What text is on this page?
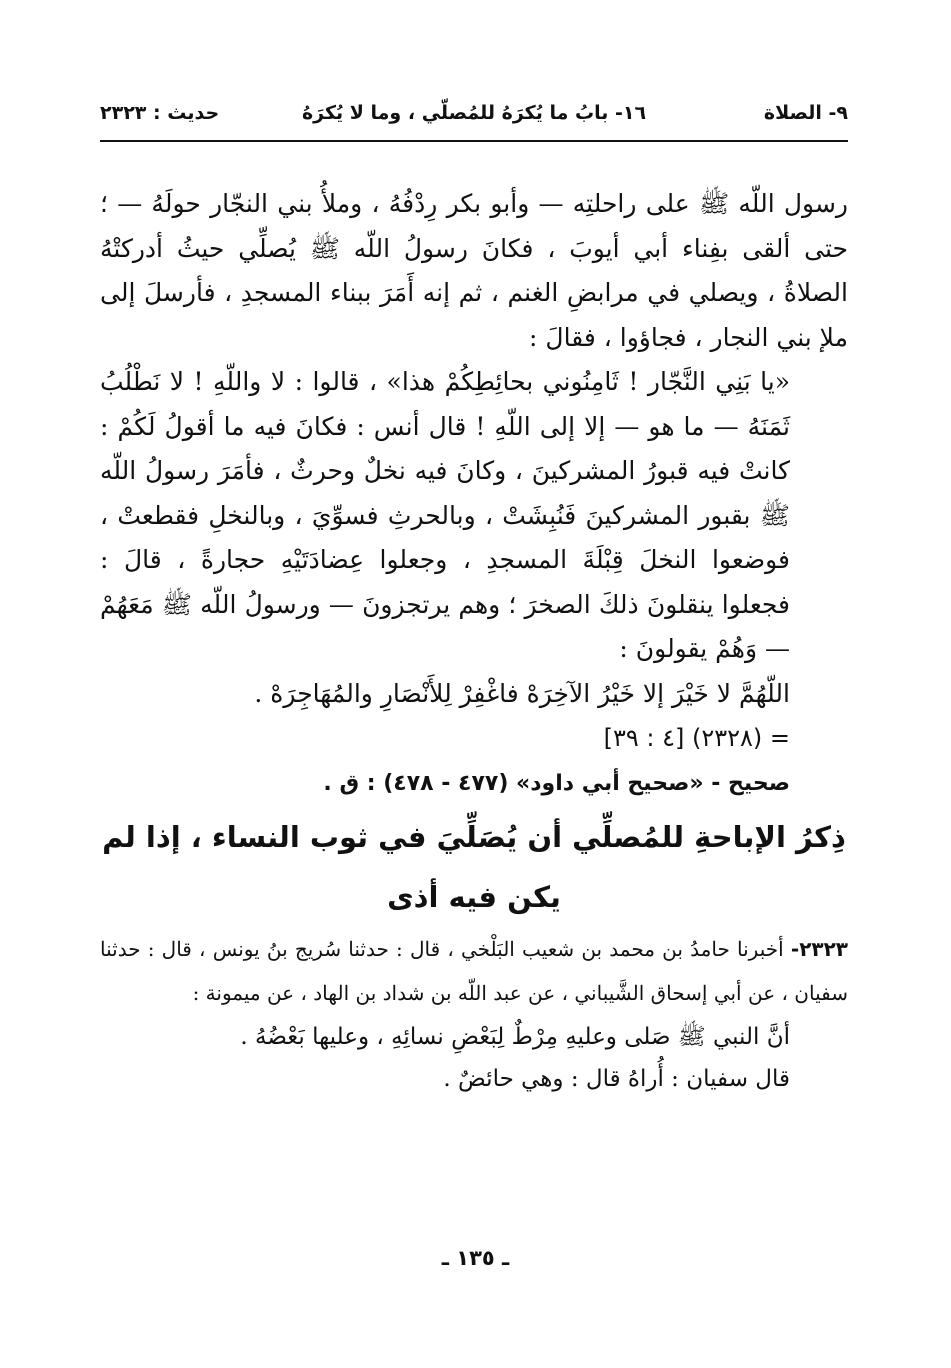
٩- الصلاة
١٦- بابُ ما يُكرَهُ للمُصلّي ، وما لا يُكرَهُ
حديث : ٢٣٢٣

رسول اللّه ﷺ على راحلتِه — وأبو بكر رِدْفُهُ ، وملأُ بني النجّار حولَهُ — ؛ حتى ألقى بفِناء أبي أيوبَ ، فكانَ رسولُ اللّه ﷺ يُصلِّي حيثُ أدركتْهُ الصلاةُ ، ويصلي في مرابضِ الغنم ، ثم إنه أَمَرَ ببناء المسجدِ ، فأرسلَ إلى ملإ بني النجار ، فجاؤوا ، فقالَ :

«يا بَنِي النَّجّار ! ثَامِنُوني بحائِطِكُمْ هذا» ، قالوا : لا واللّهِ ! لا نَطْلُبُ ثَمَنَهُ — ما هو — إلا إلى اللّهِ ! قال أنس : فكانَ فيه ما أقولُ لَكُمْ : كانتْ فيه قبورُ المشركينَ ، وكانَ فيه نخلٌ وحرثٌ ، فأمَرَ رسولُ اللّه ﷺ بقبور المشركينَ فَنُبِشَتْ ، وبالحرثِ فسوِّيَ ، وبالنخلِ فقطعتْ ، فوضعوا النخلَ قِبْلَةَ المسجدِ ، وجعلوا عِضادَتَيْهِ حجارةً ، قالَ : فجعلوا ينقلونَ ذلكَ الصخرَ ؛ وهم يرتجزونَ — ورسولُ اللّه ﷺ مَعَهُمْ — وَهُمْ يقولونَ :

اللّهُمَّ لا خَيْرَ إلا خَيْرُ الآخِرَهْ فاغْفِرْ لِلأَنْصَارِ والمُهَاجِرَهْ .

= (٢٣٢٨) [٤ : ٣٩]

صحيح - «صحيح أبي داود» (٤٧٧ - ٤٧٨) : ق .

ذِكرُ الإباحةِ للمُصلِّي أن يُصَلِّيَ في ثوب النساء ، إذا لم
يكن فيه أذى

٢٣٢٣- أخبرنا حامدُ بن محمد بن شعيب البَلْخي ، قال : حدثنا سُريج بنُ يونس ، قال : حدثنا سفيان ، عن أبي إسحاق الشَّيباني ، عن عبد اللّه بن شداد بن الهاد ، عن ميمونة :

أنَّ النبي ﷺ صَلى وعليهِ مِرْطٌ لِبَعْضِ نسائِهِ ، وعليها بَعْضُهُ .

قال سفيان : أُراهُ قال : وهي حائضٌ .

ـ ١٣٥ ـ
